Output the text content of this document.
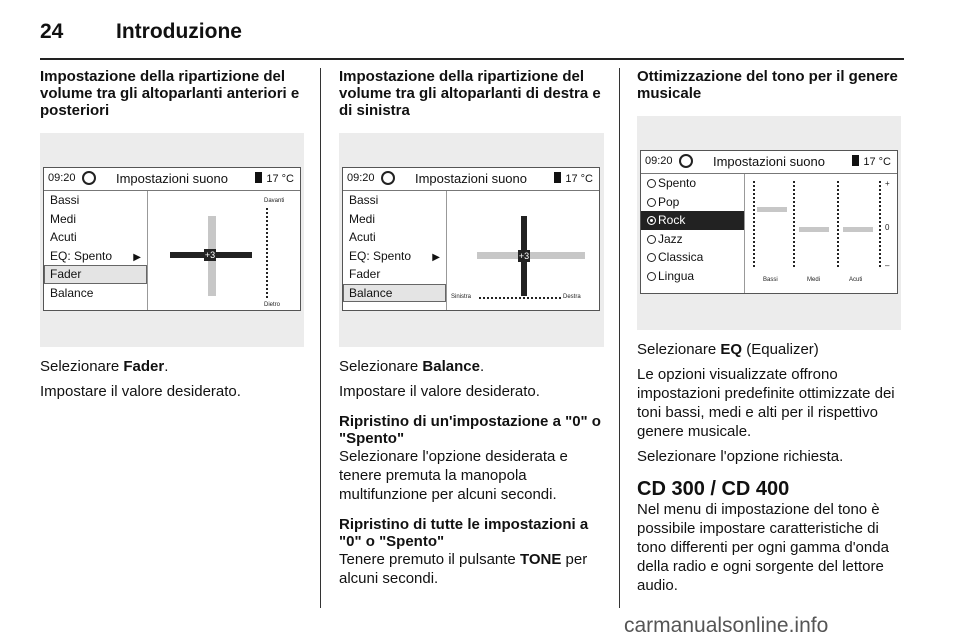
24	Introduzione
Impostazione della ripartizione del volume tra gli altoparlanti anteriori e posteriori
09:20	Impostazioni suono	17 °C
Bassi
Medi
Acuti
EQ: Spento ▶
Fader
Balance
+3
Davanti
Dietro

Selezionare Fader.

Impostare il valore desiderato.

Impostazione della ripartizione del volume tra gli altoparlanti di destra e di sinistra
09:20	Impostazioni suono	17 °C
Bassi
Medi
Acuti
EQ: Spento ▶
Fader
Balance
+3
Sinistra	Destra

Selezionare Balance.

Impostare il valore desiderato.

Ripristino di un'impostazione a "0" o "Spento"

Selezionare l'opzione desiderata e tenere premuta la manopola multifunzione per alcuni secondi.

Ripristino di tutte le impostazioni a "0" o "Spento"

Tenere premuto il pulsante TONE per alcuni secondi.

Ottimizzazione del tono per il genere musicale
09:20	Impostazioni suono	17 °C
Spento
Pop
Rock
Jazz
Classica
Lingua
+
0
–
Bassi	Medi	Acuti

Selezionare EQ (Equalizer)

Le opzioni visualizzate offrono impostazioni predefinite ottimizzate dei toni bassi, medi e alti per il rispettivo genere musicale.

Selezionare l'opzione richiesta.

CD 300 / CD 400

Nel menu di impostazione del tono è possibile impostare caratteristiche di tono differenti per ogni gamma d'onda della radio e ogni sorgente del lettore audio.

carmanualsonline.info
